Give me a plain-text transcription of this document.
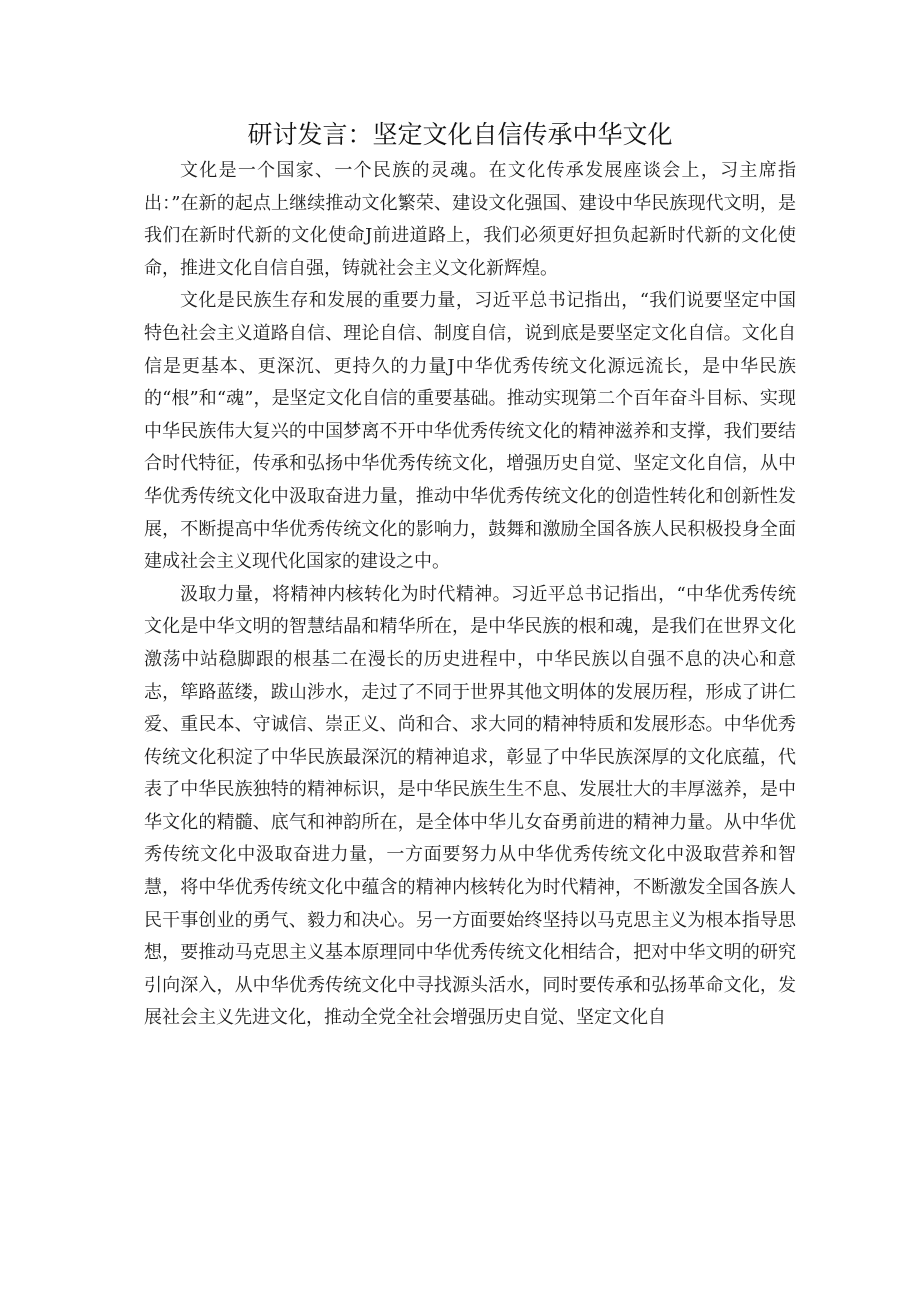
研讨发言：坚定文化自信传承中华文化

文化是一个国家、一个民族的灵魂。在文化传承发展座谈会上，习主席指出：”在新的起点上继续推动文化繁荣、建设文化强国、建设中华民族现代文明，是我们在新时代新的文化使命J前进道路上，我们必须更好担负起新时代新的文化使命，推进文化自信自强，铸就社会主义文化新辉煌。

文化是民族生存和发展的重要力量，习近平总书记指出，“我们说要坚定中国特色社会主义道路自信、理论自信、制度自信，说到底是要坚定文化自信。文化自信是更基本、更深沉、更持久的力量J中华优秀传统文化源远流长，是中华民族的“根”和“魂”，是坚定文化自信的重要基础。推动实现第二个百年奋斗目标、实现中华民族伟大复兴的中国梦离不开中华优秀传统文化的精神滋养和支撑，我们要结合时代特征，传承和弘扬中华优秀传统文化，增强历史自觉、坚定文化自信，从中华优秀传统文化中汲取奋进力量，推动中华优秀传统文化的创造性转化和创新性发展，不断提高中华优秀传统文化的影响力，鼓舞和激励全国各族人民积极投身全面建成社会主义现代化国家的建设之中。

汲取力量，将精神内核转化为时代精神。习近平总书记指出，“中华优秀传统文化是中华文明的智慧结晶和精华所在，是中华民族的根和魂，是我们在世界文化激荡中站稳脚跟的根基二在漫长的历史进程中，中华民族以自强不息的决心和意志，筚路蓝缕，跋山涉水，走过了不同于世界其他文明体的发展历程，形成了讲仁爱、重民本、守诚信、崇正义、尚和合、求大同的精神特质和发展形态。中华优秀传统文化积淀了中华民族最深沉的精神追求，彰显了中华民族深厚的文化底蕴，代表了中华民族独特的精神标识，是中华民族生生不息、发展壮大的丰厚滋养，是中华文化的精髓、底气和神韵所在，是全体中华儿女奋勇前进的精神力量。从中华优秀传统文化中汲取奋进力量，一方面要努力从中华优秀传统文化中汲取营养和智慧，将中华优秀传统文化中蕴含的精神内核转化为时代精神，不断激发全国各族人民干事创业的勇气、毅力和决心。另一方面要始终坚持以马克思主义为根本指导思想，要推动马克思主义基本原理同中华优秀传统文化相结合，把对中华文明的研究引向深入，从中华优秀传统文化中寻找源头活水，同时要传承和弘扬革命文化，发展社会主义先进文化，推动全党全社会增强历史自觉、坚定文化自
